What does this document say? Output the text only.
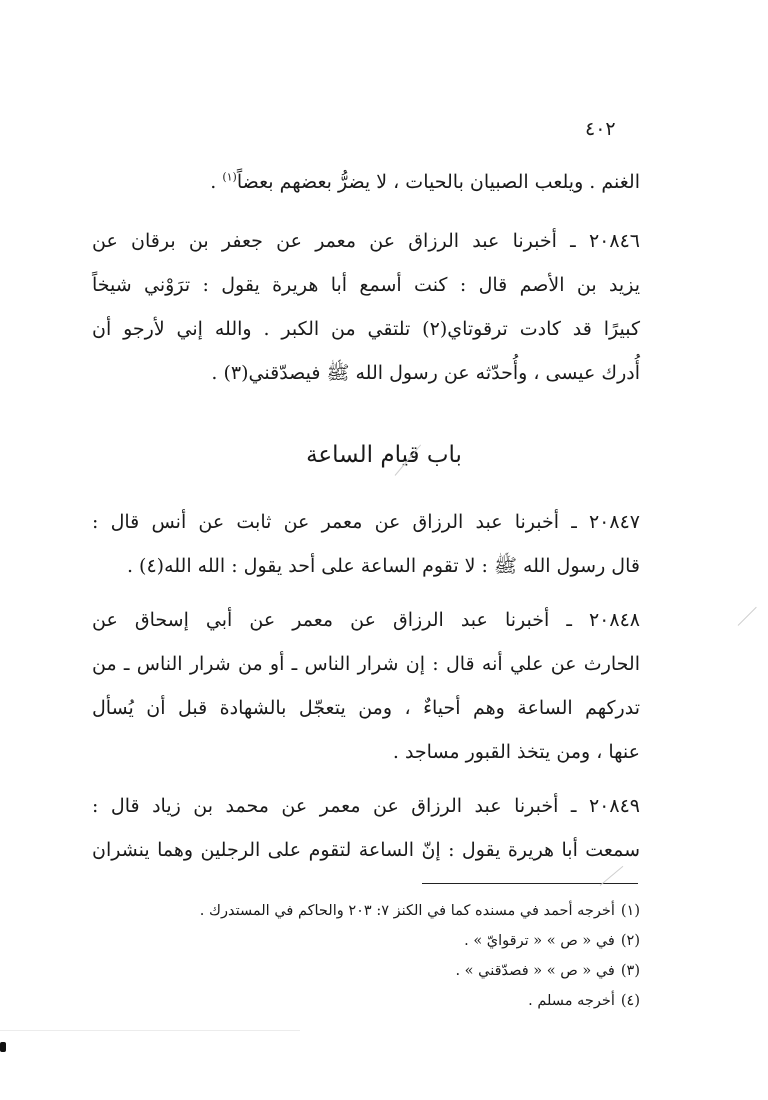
٤٠٢
الغنم . ويلعب الصبيان بالحيات ، لا يضرُّ بعضهم بعضاً$^{(١)}$ .
٢٠٨٤٦ ـ أخبرنا عبد الرزاق عن معمر عن جعفر بن برقان عن
يزيد بن الأصم قال : كنت أسمع أبا هريرة يقول : ترَوْني شيخاً
كبيرًا قد كادت ترقوتاي(٢) تلتقي من الكبر . والله إني لأرجو أن
أُدرك عيسى ، وأُحدّثه عن رسول الله ﷺ فيصدّقني(٣) .
باب قيام الساعة
٢٠٨٤٧ ـ أخبرنا عبد الرزاق عن معمر عن ثابت عن أنس قال :
قال رسول الله ﷺ : لا تقوم الساعة على أحد يقول : الله الله(٤) .
٢٠٨٤٨ ـ أخبرنا عبد الرزاق عن معمر عن أبي إسحاق عن
الحارث عن علي أنه قال : إن شرار الناس ـ أو من شرار الناس ـ من
تدركهم الساعة وهم أحياءٌ ، ومن يتعجّل بالشهادة قبل أن يُسأل
عنها ، ومن يتخذ القبور مساجد .
٢٠٨٤٩ ـ أخبرنا عبد الرزاق عن معمر عن محمد بن زياد قال :
سمعت أبا هريرة يقول : إنّ الساعة لتقوم على الرجلين وهما ينشران
(١)أخرجه أحمد في مسنده كما في الكنز ٧: ٢٠٣ والحاكم في المستدرك .
(٢)في « ص » « ترقوايّ » .
(٣)في « ص » « فصدّقني » .
(٤)أخرجه مسلم .
